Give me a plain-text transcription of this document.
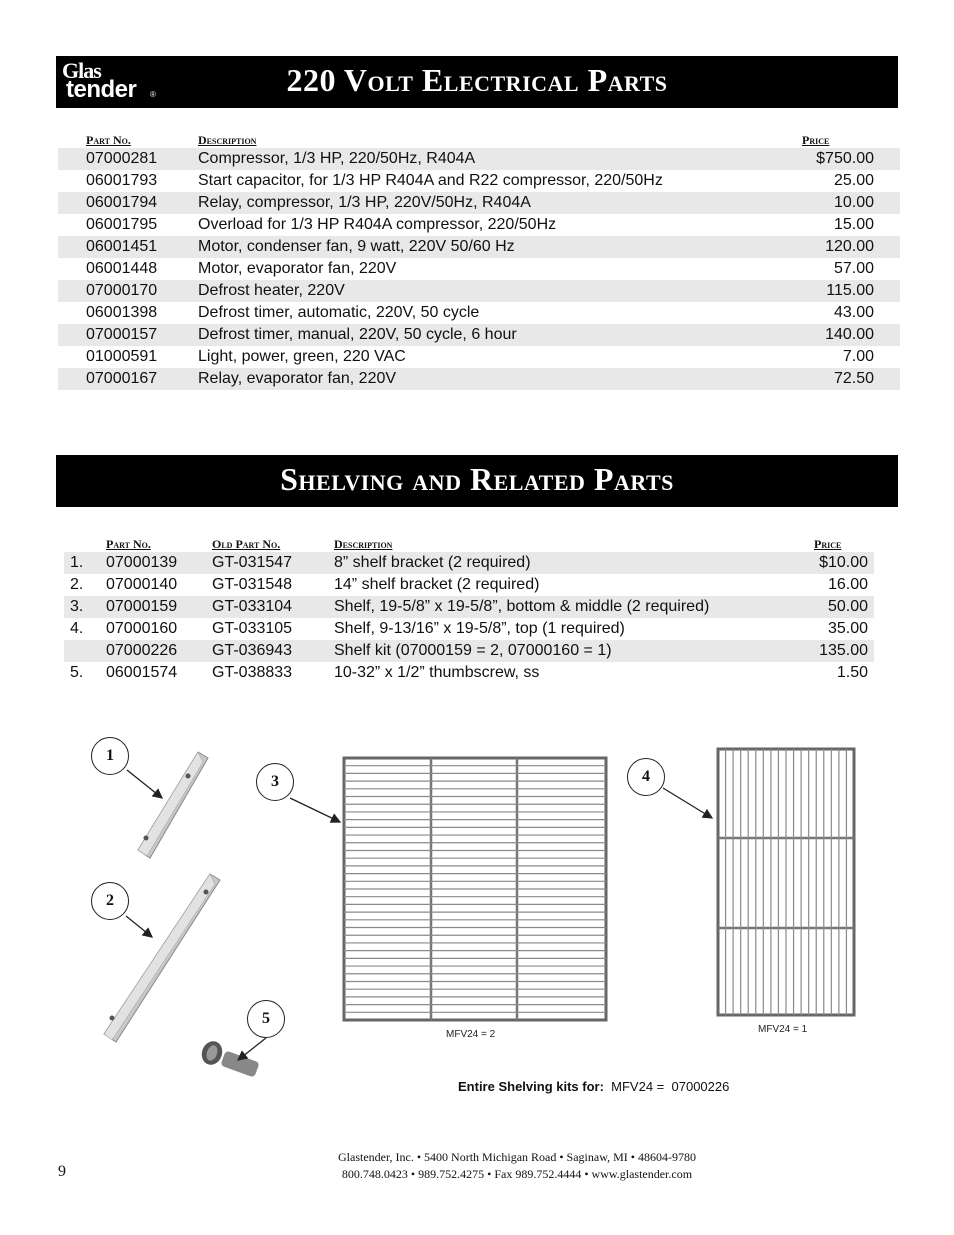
Glas
tender ®	220 Volt Electrical Parts
Part No.	Description	Price	
07000281	Compressor, 1/3 HP, 220/50Hz, R404A	$750.00	
06001793	Start capacitor, for 1/3 HP R404A and R22 compressor, 220/50Hz	25.00	
06001794	Relay, compressor, 1/3 HP, 220V/50Hz, R404A	10.00	
06001795	Overload for 1/3 HP R404A compressor, 220/50Hz	15.00	
06001451	Motor, condenser fan, 9 watt, 220V 50/60 Hz	120.00	
06001448	Motor, evaporator fan, 220V	57.00	
07000170	Defrost heater, 220V	115.00	
06001398	Defrost timer, automatic, 220V, 50 cycle	43.00	
07000157	Defrost timer, manual, 220V, 50 cycle, 6 hour	140.00	
01000591	Light, power, green, 220 VAC	7.00	
07000167	Relay, evaporator fan, 220V	72.50	
Shelving and Related Parts
	Part No.	Old Part No.	Description	Price	
1.	07000139	GT-031547	8” shelf bracket (2 required)	$10.00	
2.	07000140	GT-031548	14” shelf bracket (2 required)	16.00	
3.	07000159	GT-033104	Shelf, 19-5/8” x 19-5/8”, bottom & middle (2 required)	50.00	
4.	07000160	GT-033105	Shelf, 9-13/16” x 19-5/8”, top (1 required)	35.00	
	07000226	GT-036943	Shelf kit (07000159 = 2, 07000160 = 1)	135.00	
5.	06001574	GT-038833	10-32” x 1/2” thumbscrew, ss	1.50	
1
2
3	4
5
MFV24 = 2	MFV24 = 1
Entire Shelving kits for: MFV24 = 07000226
Glastender, Inc. • 5400 North Michigan Road • Saginaw, MI • 48604-9780
800.748.0423 • 989.752.4275 • Fax 989.752.4444 • www.glastender.com
9
